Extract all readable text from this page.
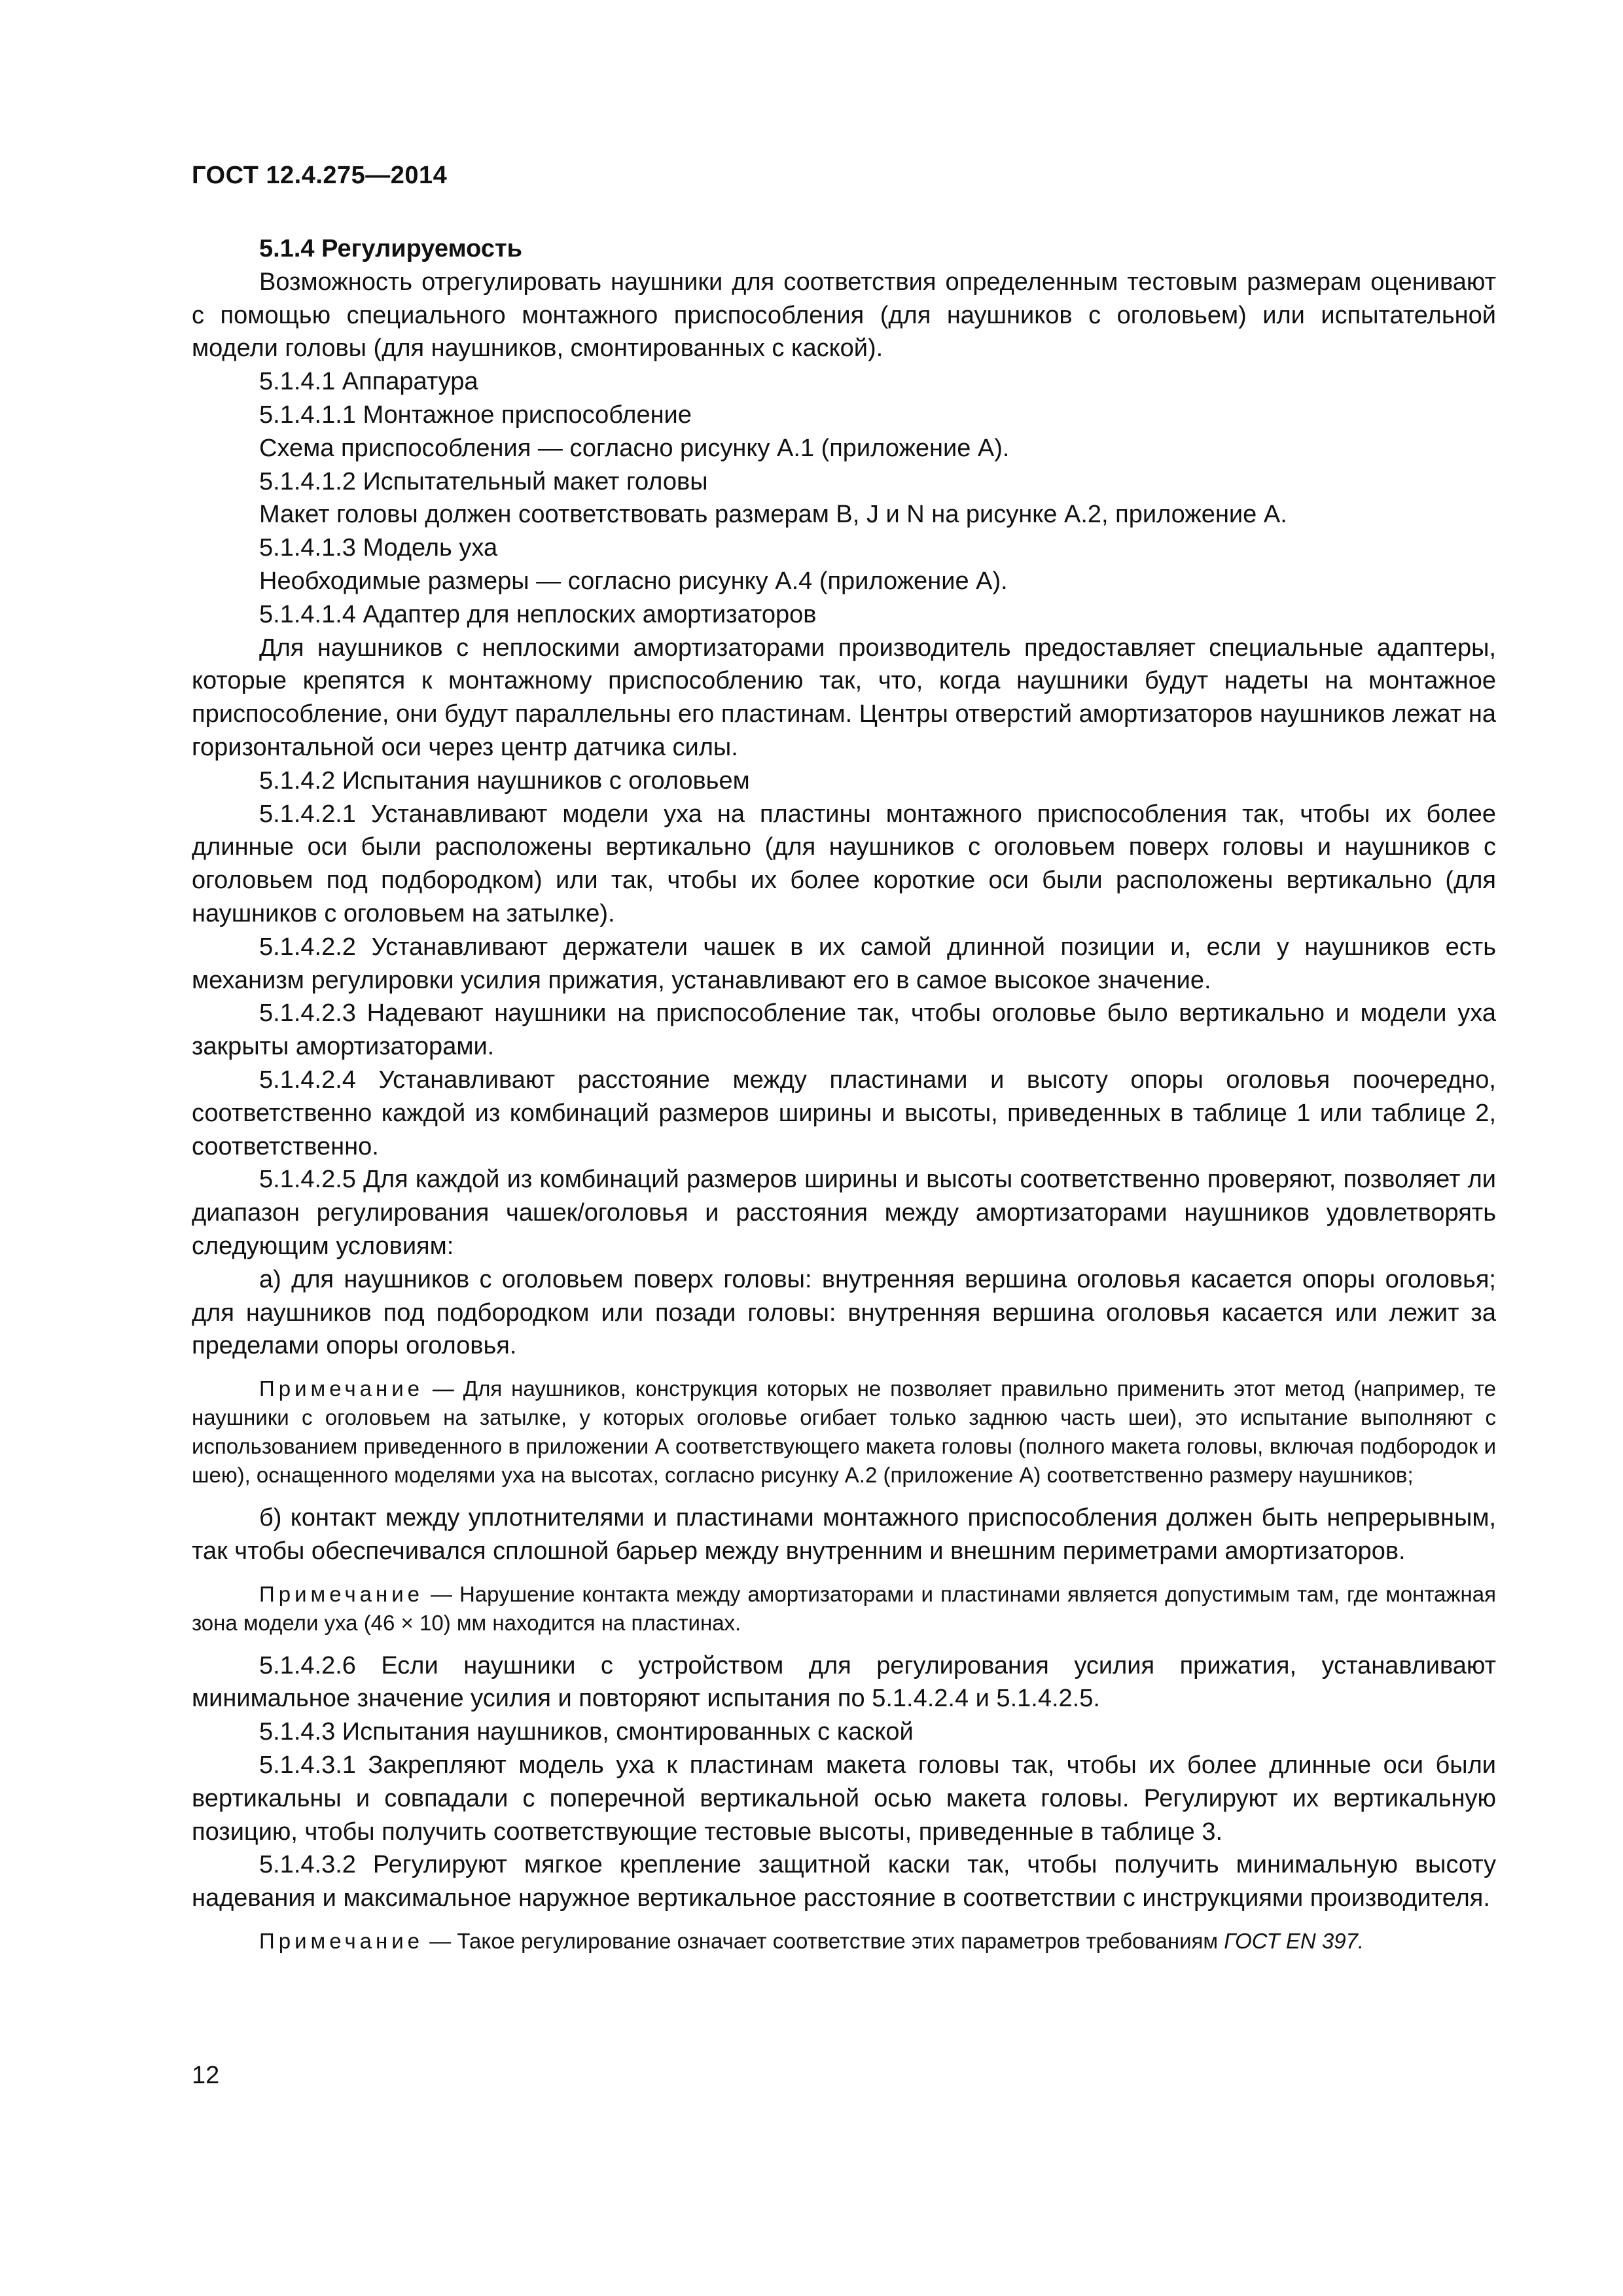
ГОСТ 12.4.275—2014

5.1.4 Регулируемость

Возможность отрегулировать наушники для соответствия определенным тестовым размерам оценивают с помощью специального монтажного приспособления (для наушников с оголовьем) или испытательной модели головы (для наушников, смонтированных с каской).

5.1.4.1 Аппаратура

5.1.4.1.1 Монтажное приспособление

Схема приспособления — согласно рисунку А.1 (приложение А).

5.1.4.1.2 Испытательный макет головы

Макет головы должен соответствовать размерам B, J и N на рисунке А.2, приложение А.

5.1.4.1.3 Модель уха

Необходимые размеры — согласно рисунку А.4 (приложение А).

5.1.4.1.4 Адаптер для неплоских амортизаторов

Для наушников с неплоскими амортизаторами производитель предоставляет специальные адаптеры, которые крепятся к монтажному приспособлению так, что, когда наушники будут надеты на монтажное приспособление, они будут параллельны его пластинам. Центры отверстий амортизаторов наушников лежат на горизонтальной оси через центр датчика силы.

5.1.4.2 Испытания наушников с оголовьем

5.1.4.2.1 Устанавливают модели уха на пластины монтажного приспособления так, чтобы их более длинные оси были расположены вертикально (для наушников с оголовьем поверх головы и наушников с оголовьем под подбородком) или так, чтобы их более короткие оси были расположены вертикально (для наушников с оголовьем на затылке).

5.1.4.2.2 Устанавливают держатели чашек в их самой длинной позиции и, если у наушников есть механизм регулировки усилия прижатия, устанавливают его в самое высокое значение.

5.1.4.2.3 Надевают наушники на приспособление так, чтобы оголовье было вертикально и модели уха закрыты амортизаторами.

5.1.4.2.4 Устанавливают расстояние между пластинами и высоту опоры оголовья поочередно, соответственно каждой из комбинаций размеров ширины и высоты, приведенных в таблице 1 или таблице 2, соответственно.

5.1.4.2.5 Для каждой из комбинаций размеров ширины и высоты соответственно проверяют, позволяет ли диапазон регулирования чашек/оголовья и расстояния между амортизаторами наушников удовлетворять следующим условиям:

а) для наушников с оголовьем поверх головы: внутренняя вершина оголовья касается опоры оголовья; для наушников под подбородком или позади головы: внутренняя вершина оголовья касается или лежит за пределами опоры оголовья.

Примечание — Для наушников, конструкция которых не позволяет правильно применить этот метод (например, те наушники с оголовьем на затылке, у которых оголовье огибает только заднюю часть шеи), это испытание выполняют с использованием приведенного в приложении А соответствующего макета головы (полного макета головы, включая подбородок и шею), оснащенного моделями уха на высотах, согласно рисунку А.2 (приложение А) соответственно размеру наушников;

б) контакт между уплотнителями и пластинами монтажного приспособления должен быть непрерывным, так чтобы обеспечивался сплошной барьер между внутренним и внешним периметрами амортизаторов.

Примечание — Нарушение контакта между амортизаторами и пластинами является допустимым там, где монтажная зона модели уха (46 × 10) мм находится на пластинах.

5.1.4.2.6 Если наушники с устройством для регулирования усилия прижатия, устанавливают минимальное значение усилия и повторяют испытания по 5.1.4.2.4 и 5.1.4.2.5.

5.1.4.3 Испытания наушников, смонтированных с каской

5.1.4.3.1 Закрепляют модель уха к пластинам макета головы так, чтобы их более длинные оси были вертикальны и совпадали с поперечной вертикальной осью макета головы. Регулируют их вертикальную позицию, чтобы получить соответствующие тестовые высоты, приведенные в таблице 3.

5.1.4.3.2 Регулируют мягкое крепление защитной каски так, чтобы получить минимальную высоту надевания и максимальное наружное вертикальное расстояние в соответствии с инструкциями производителя.

Примечание — Такое регулирование означает соответствие этих параметров требованиям ГОСТ EN 397.

12
